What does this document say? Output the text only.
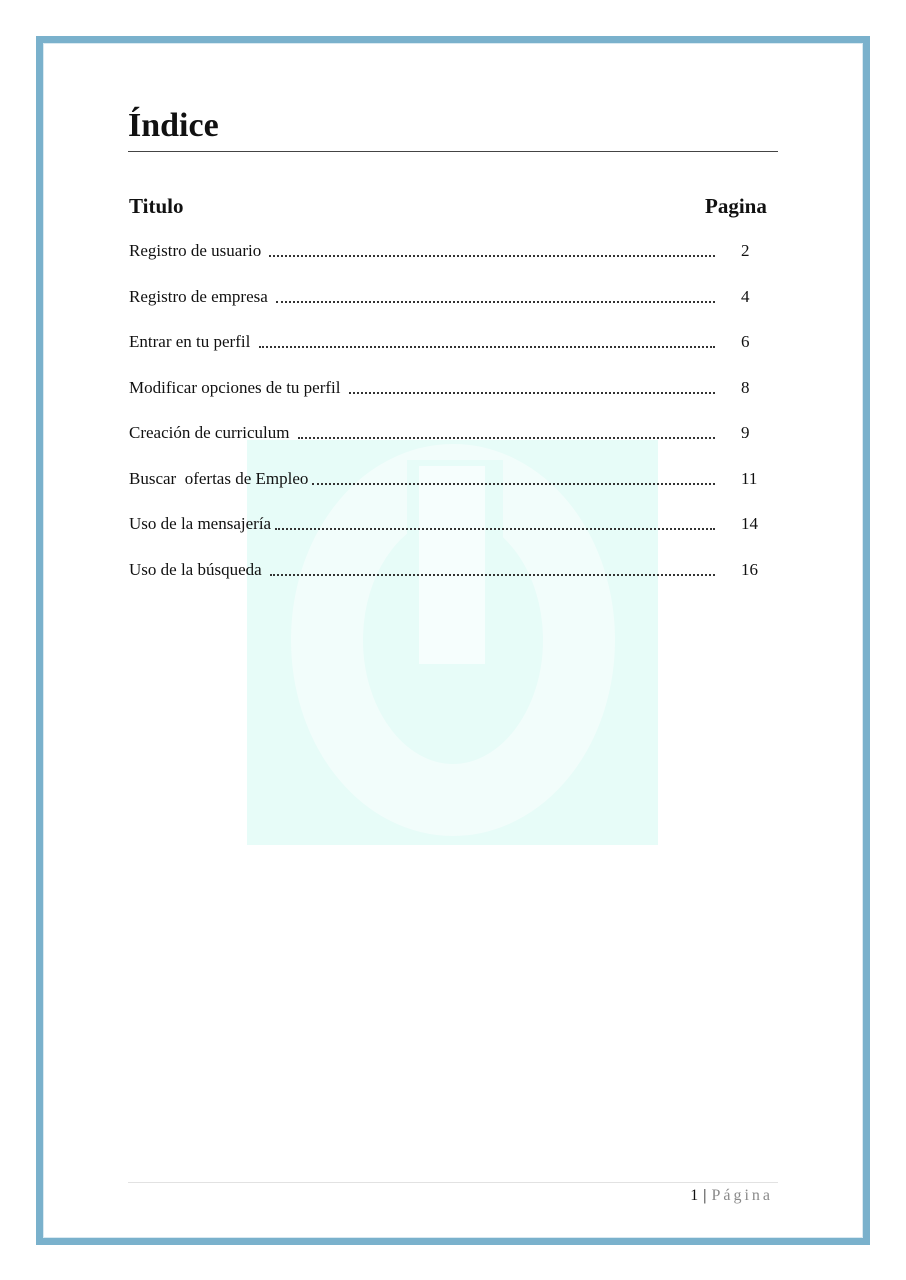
Índice
Titulo	Pagina
Registro de usuario	2
Registro de empresa	4
Entrar en tu perfil	6
Modificar opciones de tu perfil	8
Creación de curriculum	9
Buscar  ofertas de Empleo	11
Uso de la mensajería	14
Uso de la búsqueda	16
1 | Página
